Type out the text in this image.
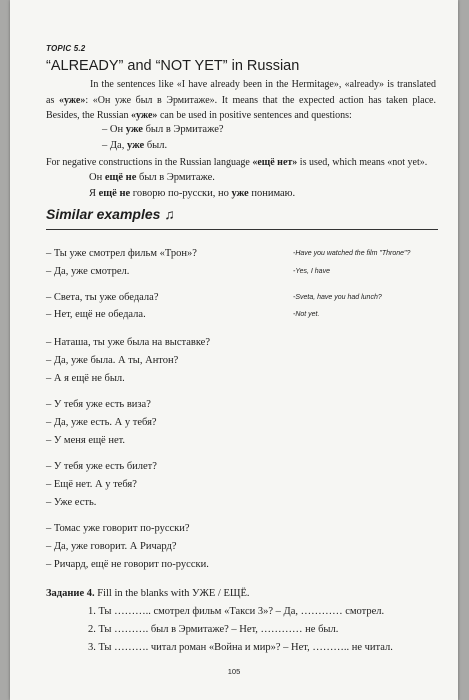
TOPIC 5.2
“ALREADY” and “NOT YET” in Russian
In the sentences like «I have already been in the Hermitage», «already» is translated as «уже»: «Он уже был в Эрмитаже». It means that the expected action has taken place. Besides, the Russian «уже» can be used in positive sentences and questions:
– Он уже был в Эрмитаже?
– Да, уже был.
For negative constructions in the Russian language «ещё нет» is used, which means «not yet».
Он ещё не был в Эрмитаже.
Я ещё не говорю по-русски, но уже понимаю.
Similar examples ♫
– Ты уже смотрел фильм «Трон»?	-Have you watched the film "Throne"?
– Да, уже смотрел.	-Yes, I have
– Света, ты уже обедала?	-Sveta, have you had lunch?
– Нет, ещё не обедала.	-Not yet.
– Наташа, ты уже была на выставке?
– Да, уже была. А ты, Антон?
– А я ещё не был.
– У тебя уже есть виза?
– Да, уже есть. А у тебя?
– У меня ещё нет.
– У тебя уже есть билет?
– Ещё нет. А у тебя?
– Уже есть.
– Томас уже говорит по-русски?
– Да, уже говорит. А Ричард?
– Ричард, ещё не говорит по-русски.
Задание 4. Fill in the blanks with УЖЕ / ЕЩЁ.
1. Ты ……….. смотрел фильм «Такси 3»? – Да, ………… смотрел.
2. Ты ………. был в Эрмитаже? – Нет, ………… не был.
3. Ты ………. читал роман «Война и мир»? – Нет, ……….. не читал.
105
